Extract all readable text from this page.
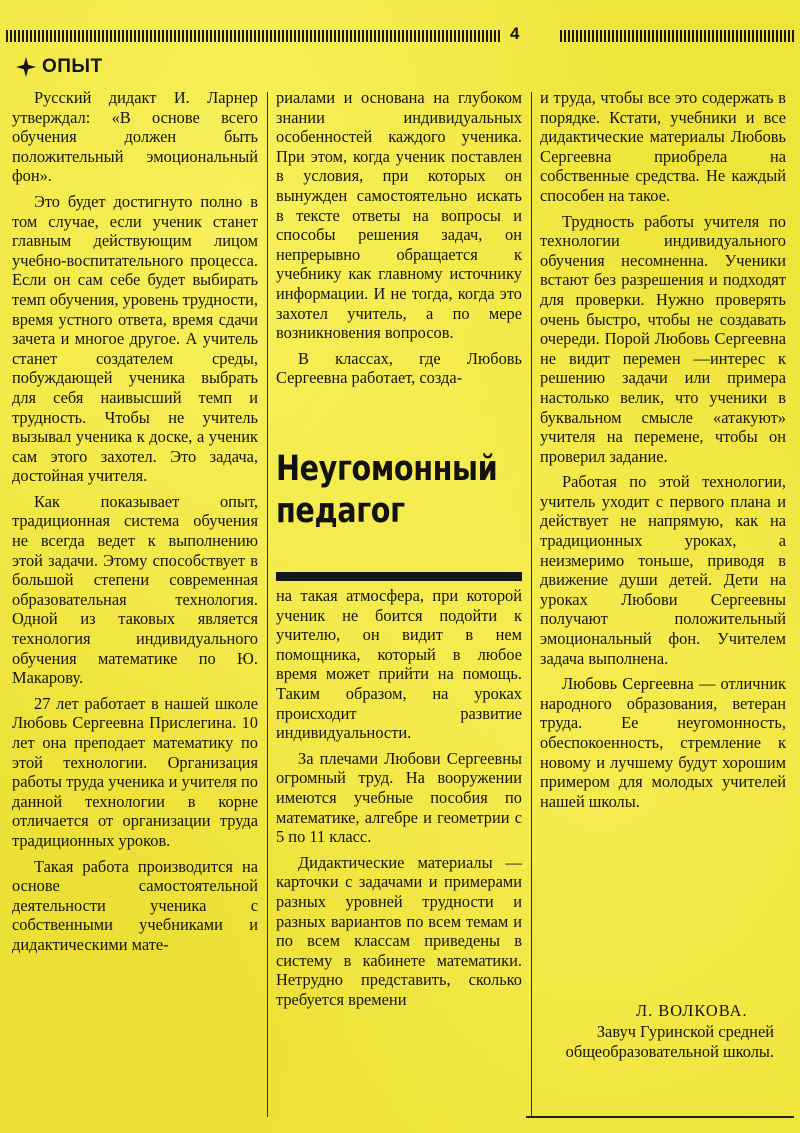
4
ОПЫТ

Русский дидакт И. Ларнер утверждал: «В основе всего обучения должен быть положительный эмоциональный фон».

Это будет достигнуто полно в том случае, если ученик станет главным действующим лицом учебно-воспитательного процесса. Если он сам себе будет выбирать темп обучения, уровень трудности, время устного ответа, время сдачи зачета и многое другое. А учитель станет создателем среды, побуждающей ученика выбрать для себя наивысший темп и трудность. Чтобы не учитель вызывал ученика к доске, а ученик сам этого захотел. Это задача, достойная учителя.

Как показывает опыт, традиционная система обучения не всегда ведет к выполнению этой задачи. Этому способствует в большой степени современная образовательная технология. Одной из таковых является технология индивидуального обучения математике по Ю. Макарову.

27 лет работает в нашей школе Любовь Сергеевна Прислегина. 10 лет она преподает математику по этой технологии. Организация работы труда ученика и учителя по данной технологии в корне отличается от организации труда традиционных уроков.

Такая работа производится на основе самостоятельной деятельности ученика с собственными учебниками и дидактическими мате-

риалами и основана на глубоком знании индивидуальных особенностей каждого ученика. При этом, когда ученик поставлен в условия, при которых он вынужден самостоятельно искать в тексте ответы на вопросы и способы решения задач, он непрерывно обращается к учебнику как главному источнику информации. И не тогда, когда это захотел учитель, а по мере возникновения вопросов.

В классах, где Любовь Сергеевна работает, созда-

Неугомонный
педагог

на такая атмосфера, при которой ученик не боится подойти к учителю, он видит в нем помощника, который в любое время может прийти на помощь. Таким образом, на уроках происходит развитие индивидуальности.

За плечами Любови Сергеевны огромный труд. На вооружении имеются учебные пособия по математике, алгебре и геометрии с 5 по 11 класс.

Дидактические материалы — карточки с задачами и примерами разных уровней трудности и разных вариантов по всем темам и по всем классам приведены в систему в кабинете математики. Нетрудно представить, сколько требуется времени

и труда, чтобы все это содержать в порядке. Кстати, учебники и все дидактические материалы Любовь Сергеевна приобрела на собственные средства. Не каждый способен на такое.

Трудность работы учителя по технологии индивидуального обучения несомненна. Ученики встают без разрешения и подходят для проверки. Нужно проверять очень быстро, чтобы не создавать очереди. Порой Любовь Сергеевна не видит перемен —интерес к решению задачи или примера настолько велик, что ученики в буквальном смысле «атакуют» учителя на перемене, чтобы он проверил задание.

Работая по этой технологии, учитель уходит с первого плана и действует не напрямую, как на традиционных уроках, а неизмеримо тоньше, приводя в движение души детей. Дети на уроках Любови Сергеевны получают положительный эмоциональный фон. Учителем задача выполнена.

Любовь Сергеевна — отличник народного образования, ветеран труда. Ее неугомонность, обеспокоенность, стремление к новому и лучшему будут хорошим примером для молодых учителей нашей школы.

Л. ВОЛКОВА.
Завуч Гуринской средней общеобразовательной школы.
